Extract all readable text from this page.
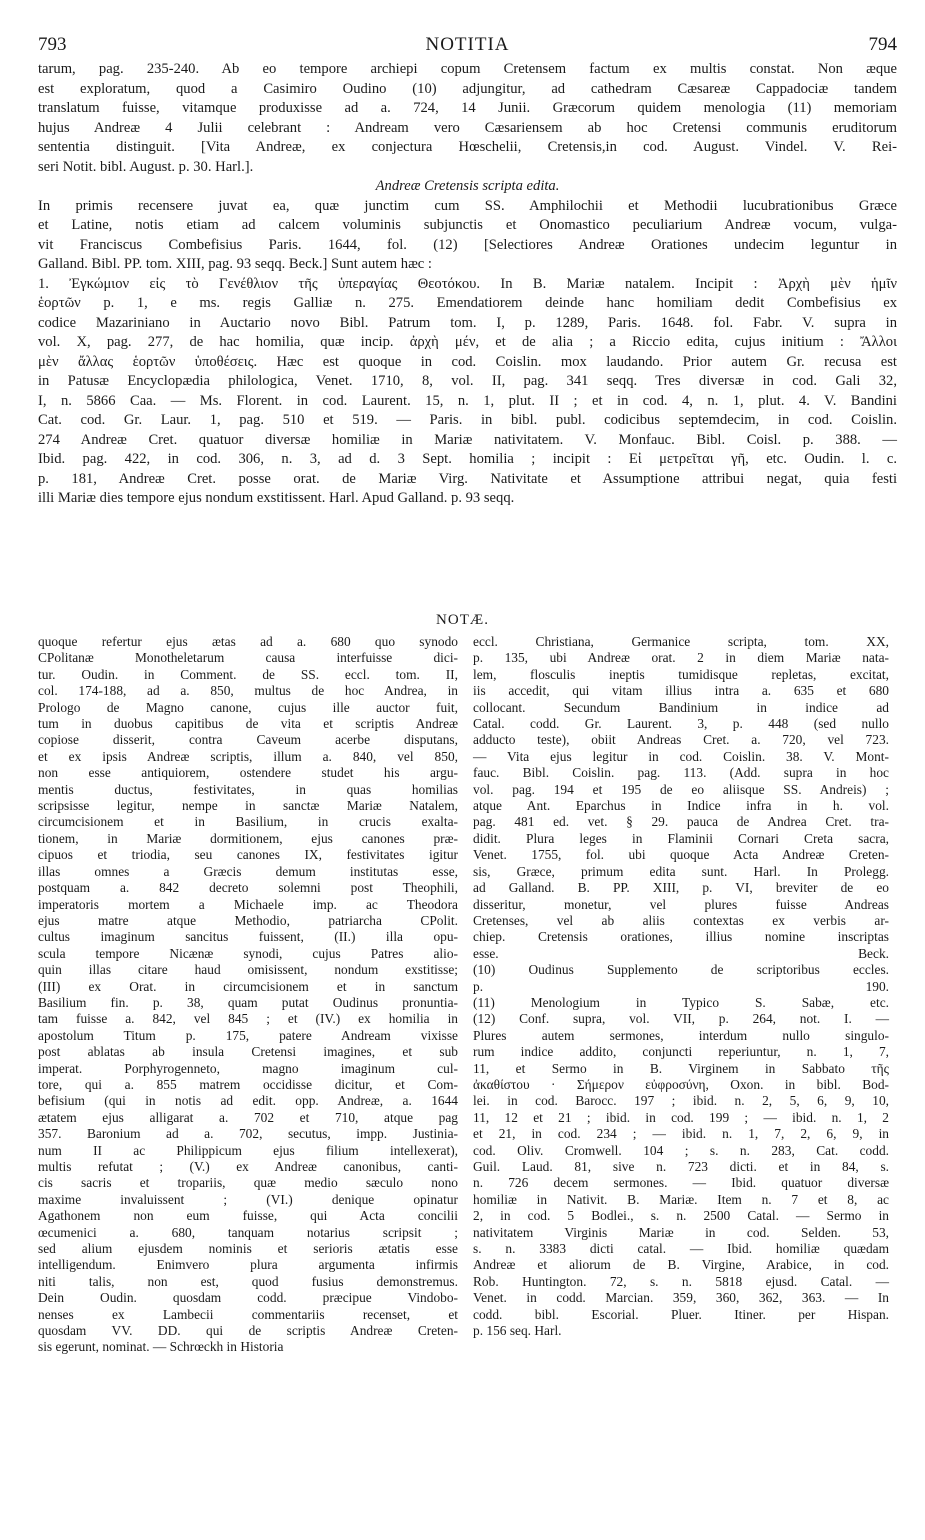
793	NOTITIA	794

tarum, pag. 235-240. Ab eo tempore archiepi copum Cretensem factum ex multis constat. Non æque

est exploratum, quod a Casimiro Oudino (10) adjungitur, ad cathedram Cæsareæ Cappadociæ tandem

translatum fuisse, vitamque produxisse ad a. 724, 14 Junii. Græcorum quidem menologia (11) memoriam

hujus Andreæ 4 Julii celebrant : Andream vero Cæsariensem ab hoc Cretensi communis eruditorum

sententia distinguit. [Vita Andreæ, ex conjectura Hœschelii, Cretensis,in cod. August. Vindel. V. Rei-

seri Notit. bibl. August. p. 30. Harl.].

Andreæ Cretensis scripta edita.

In primis recensere juvat ea, quæ junctim cum SS. Amphilochii et Methodii lucubrationibus Græce

et Latine, notis etiam ad calcem voluminis subjunctis et Onomastico peculiarium Andreæ vocum, vulga-

vit Franciscus Combefisius Paris. 1644, fol. (12) [Selectiores Andreæ Orationes undecim leguntur in

Galland. Bibl. PP. tom. XIII, pag. 93 seqq. Beck.] Sunt autem hæc :

1. Ἐγκώμιον εἰς τὸ Γενέθλιον τῆς ὑπεραγίας Θεοτόκου. In B. Mariæ natalem. Incipit : Ἀρχὴ μὲν ἡμῖν

ἑορτῶν p. 1, e ms. regis Galliæ n. 275. Emendatiorem deinde hanc homiliam dedit Combefisius ex

codice Mazariniano in Auctario novo Bibl. Patrum tom. I, p. 1289, Paris. 1648. fol. Fabr. V. supra in

vol. X, pag. 277, de hac homilia, quæ incip. ἀρχὴ μέν, et de alia ; a Riccio edita, cujus initium : Ἄλλοι

μὲν ἄλλας ἑορτῶν ὑποθέσεις. Hæc est quoque in cod. Coislin. mox laudando. Prior autem Gr. recusa est

in Patusæ Encyclopædia philologica, Venet. 1710, 8, vol. II, pag. 341 seqq. Tres diversæ in cod. Gali 32,

I, n. 5866 Caa. — Ms. Florent. in cod. Laurent. 15, n. 1, plut. II ; et in cod. 4, n. 1, plut. 4. V. Bandini

Cat. cod. Gr. Laur. 1, pag. 510 et 519. — Paris. in bibl. publ. codicibus septemdecim, in cod. Coislin.

274 Andreæ Cret. quatuor diversæ homiliæ in Mariæ nativitatem. V. Monfauc. Bibl. Coisl. p. 388. —

Ibid. pag. 422, in cod. 306, n. 3, ad d. 3 Sept. homilia ; incipit : Εἰ μετρεῖται γῆ, etc. Oudin. l. c.

p. 181, Andreæ Cret. posse orat. de Mariæ Virg. Nativitate et Assumptione attribui negat, quia festi

illi Mariæ dies tempore ejus nondum exstitissent. Harl. Apud Galland. p. 93 seqq.

NOTÆ.

quoque refertur ejus ætas ad a. 680 quo synodo

CPolitanæ Monotheletarum causa interfuisse dici-

tur. Oudin. in Comment. de SS. eccl. tom. II,

col. 174-188, ad a. 850, multus de hoc Andrea, in

Prologo de Magno canone, cujus ille auctor fuit,

tum in duobus capitibus de vita et scriptis Andreæ

copiose disserit, contra Caveum acerbe disputans,

et ex ipsis Andreæ scriptis, illum a. 840, vel 850,

non esse antiquiorem, ostendere studet his argu-

mentis ductus, festivitates, in quas homilias

scripsisse legitur, nempe in sanctæ Mariæ Natalem,

circumcisionem et in Basilium, in crucis exalta-

tionem, in Mariæ dormitionem, ejus canones præ-

cipuos et triodia, seu canones IX, festivitates igitur

illas omnes a Græcis demum institutas esse,

postquam a. 842 decreto solemni post Theophili,

imperatoris mortem a Michaele imp. ac Theodora

ejus matre atque Methodio, patriarcha CPolit.

cultus imaginum sancitus fuissent, (II.) illa opu-

scula tempore Nicænæ synodi, cujus Patres alio-

quin illas citare haud omisissent, nondum exstitisse;

(III) ex Orat. in circumcisionem et in sanctum

Basilium fin. p. 38, quam putat Oudinus pronuntia-

tam fuisse a. 842, vel 845 ; et (IV.) ex homilia in

apostolum Titum p. 175, patere Andream vixisse

post ablatas ab insula Cretensi imagines, et sub

imperat. Porphyrogenneto, magno imaginum cul-

tore, qui a. 855 matrem occidisse dicitur, et Com-

befisium (qui in notis ad edit. opp. Andreæ, a. 1644

ætatem ejus alligarat a. 702 et 710, atque pag

357. Baronium ad a. 702, secutus, impp. Justinia-

num II ac Philippicum ejus filium intellexerat),

multis refutat ; (V.) ex Andreæ canonibus, canti-

cis sacris et tropariis, quæ medio sæculo nono

maxime invaluissent ; (VI.) denique opinatur

Agathonem non eum fuisse, qui Acta concilii

œcumenici a. 680, tanquam notarius scripsit ;

sed alium ejusdem nominis et serioris ætatis esse

intelligendum. Enimvero plura argumenta infirmis

niti talis, non est, quod fusius demonstremus.

Dein Oudin. quosdam codd. præcipue Vindobo-

nenses ex Lambecii commentariis recenset, et

quosdam VV. DD. qui de scriptis Andreæ Creten-

sis egerunt, nominat. — Schrœckh in Historia

eccl. Christiana, Germanice scripta, tom. XX,

p. 135, ubi Andreæ orat. 2 in diem Mariæ nata-

lem, flosculis ineptis tumidisque repletas, excitat,

iis accedit, qui vitam illius intra a. 635 et 680

collocant. Secundum Bandinium in indice ad

Catal. codd. Gr. Laurent. 3, p. 448 (sed nullo

adducto teste), obiit Andreas Cret. a. 720, vel 723.

— Vita ejus legitur in cod. Coislin. 38. V. Mont-

fauc. Bibl. Coislin. pag. 113. (Add. supra in hoc

vol. pag. 194 et 195 de eo aliisque SS. Andreis) ;

atque Ant. Eparchus in Indice infra in h. vol.

pag. 481 ed. vet. § 29. pauca de Andrea Cret. tra-

didit. Plura leges in Flaminii Cornari Creta sacra,

Venet. 1755, fol. ubi quoque Acta Andreæ Creten-

sis, Græce, primum edita sunt. Harl. In Prolegg.

ad Galland. B. PP. XIII, p. VI, breviter de eo

disseritur, monetur, vel plures fuisse Andreas

Cretenses, vel ab aliis contextas ex verbis ar-

chiep. Cretensis orationes, illius nomine inscriptas

esse. Beck.

(10) Oudinus Supplemento de scriptoribus eccles.

p. 190.

(11) Menologium in Typico S. Sabæ, etc.

(12) Conf. supra, vol. VII, p. 264, not. I. —

Plures autem sermones, interdum nullo singulo-

rum indice addito, conjuncti reperiuntur, n. 1, 7,

11, et Sermo in B. Virginem in Sabbato τῆς

ἀκαθίστου · Σήμερον εὐφροσύνη, Oxon. in bibl. Bod-

lei. in cod. Barocc. 197 ; ibid. n. 2, 5, 6, 9, 10,

11, 12 et 21 ; ibid. in cod. 199 ; — ibid. n. 1, 2

et 21, in cod. 234 ; — ibid. n. 1, 7, 2, 6, 9, in

cod. Oliv. Cromwell. 104 ; s. n. 283, Cat. codd.

Guil. Laud. 81, sive n. 723 dicti. et in 84, s.

n. 726 decem sermones. — Ibid. quatuor diversæ

homiliæ in Nativit. B. Mariæ. Item n. 7 et 8, ac

2, in cod. 5 Bodlei., s. n. 2500 Catal. — Sermo in

nativitatem Virginis Mariæ in cod. Selden. 53,

s. n. 3383 dicti catal. — Ibid. homiliæ quædam

Andreæ et aliorum de B. Virgine, Arabice, in cod.

Rob. Huntington. 72, s. n. 5818 ejusd. Catal. —

Venet. in codd. Marcian. 359, 360, 362, 363. — In

codd. bibl. Escorial. Pluer. Itiner. per Hispan.

p. 156 seq. Harl.
